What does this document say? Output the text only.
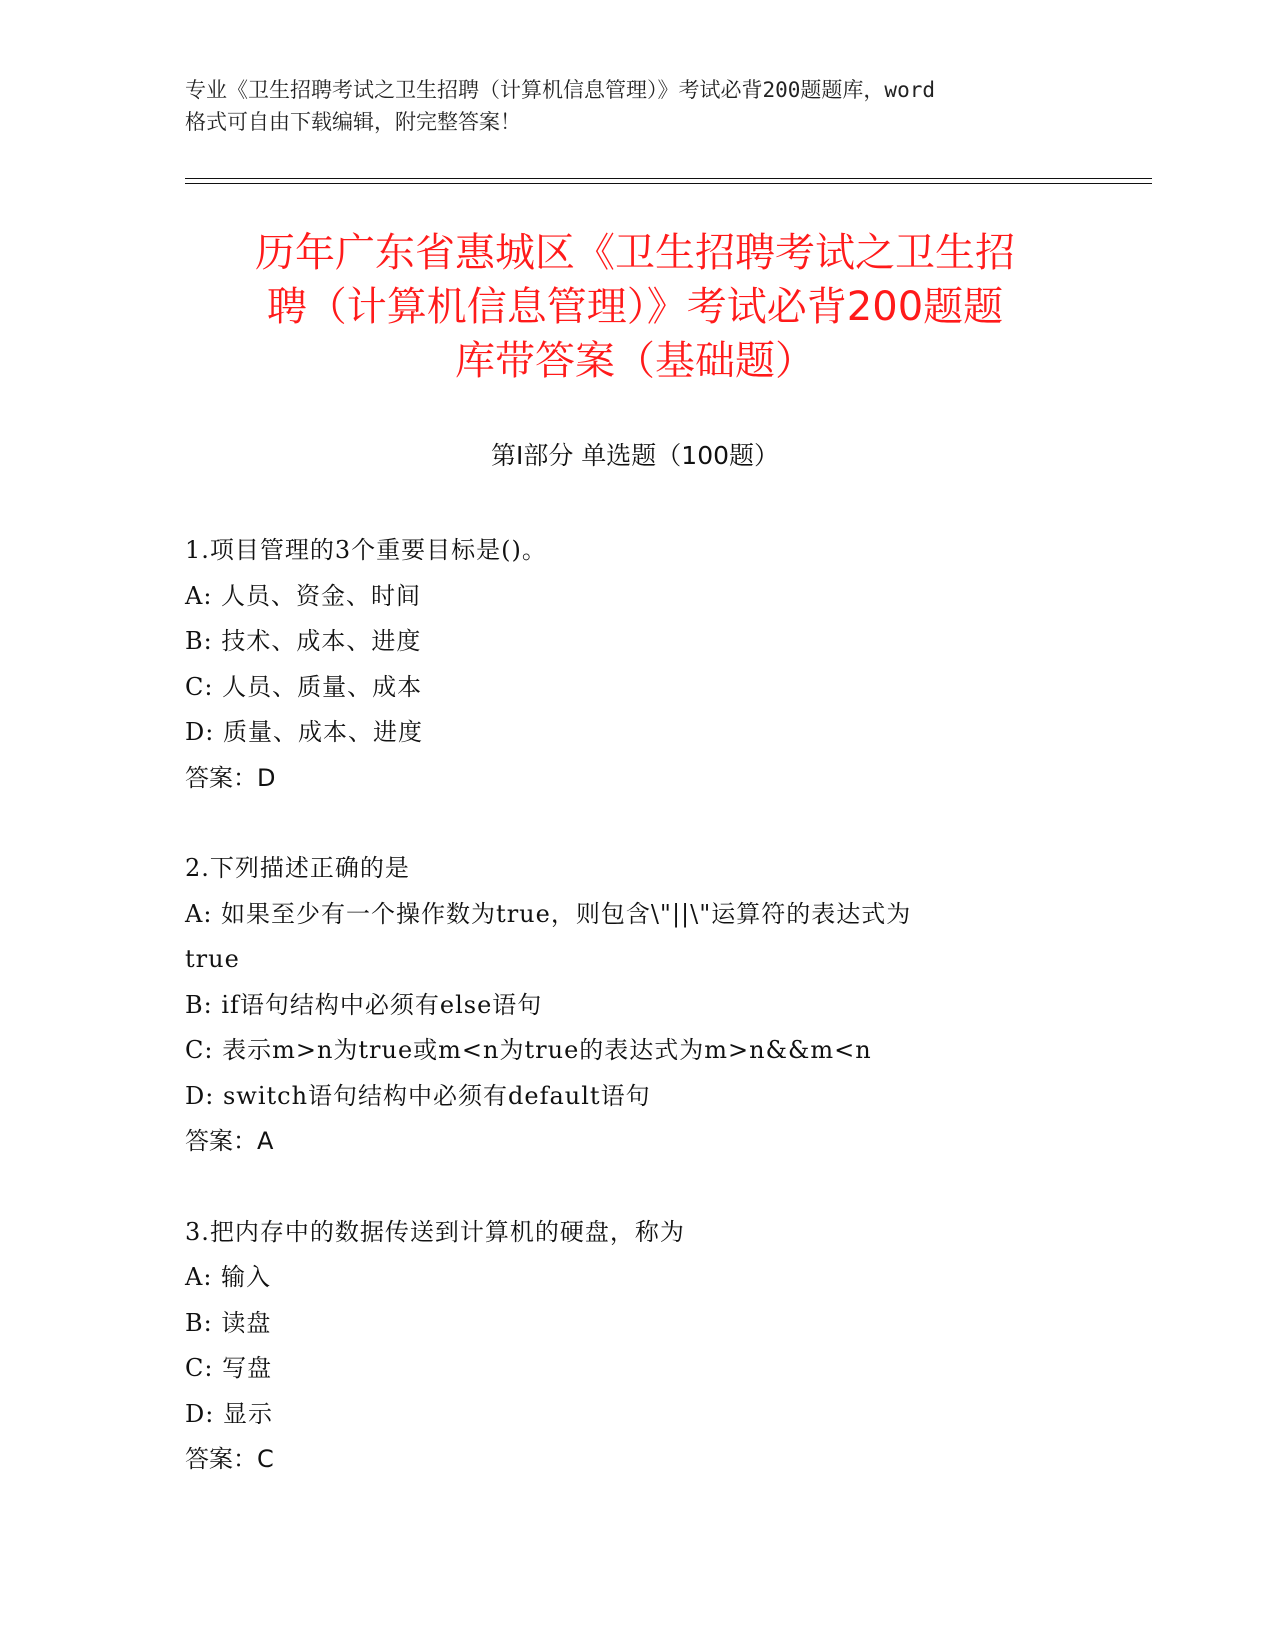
专业《卫生招聘考试之卫生招聘（计算机信息管理）》考试必背200题题库，word
格式可自由下载编辑，附完整答案！
历年广东省惠城区《卫生招聘考试之卫生招
聘（计算机信息管理）》考试必背200题题
库带答案（基础题）
第Ⅰ部分 单选题（100题）
1.项目管理的3个重要目标是()。
A: 人员、资金、时间
B: 技术、成本、进度
C: 人员、质量、成本
D: 质量、成本、进度
答案：D
2.下列描述正确的是
A: 如果至少有一个操作数为true，则包含\"||\"运算符的表达式为
true
B: if语句结构中必须有else语句
C: 表示m>n为true或m<n为true的表达式为m>n&&m<n
D: switch语句结构中必须有default语句
答案：A
3.把内存中的数据传送到计算机的硬盘，称为
A: 输入
B: 读盘
C: 写盘
D: 显示
答案：C
